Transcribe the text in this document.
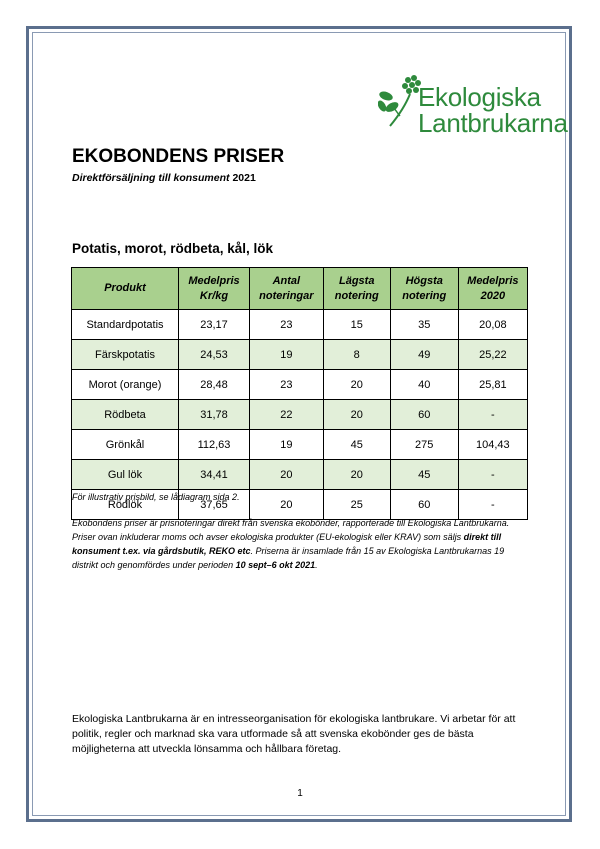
Ekologiska
Lantbrukarna
EKOBONDENS PRISER

Direktförsäljning till konsument 2021

Potatis, morot, rödbeta, kål, lök
Produkt	Medelpris Kr/kg	Antal noteringar	Lägsta notering	Högsta notering	Medelpris 2020
Standardpotatis	23,17	23	15	35	20,08
Färskpotatis	24,53	19	8	49	25,22
Morot (orange)	28,48	23	20	40	25,81
Rödbeta	31,78	22	20	60	-
Grönkål	112,63	19	45	275	104,43
Gul lök	34,41	20	20	45	-
Rödlök	37,65	20	25	60	-

För illustrativ prisbild, se lådiagram sida 2.

Ekobondens priser är prisnoteringar direkt från svenska ekobönder, rapporterade till Ekologiska Lantbrukarna. Priser ovan inkluderar moms och avser ekologiska produkter (EU-ekologisk eller KRAV) som säljs direkt till konsument t.ex. via gårdsbutik, REKO etc. Priserna är insamlade från 15 av Ekologiska Lantbrukarnas 19 distrikt och genomfördes under perioden 10 sept–6 okt 2021.

Ekologiska Lantbrukarna är en intresseorganisation för ekologiska lantbrukare. Vi arbetar för att politik, regler och marknad ska vara utformade så att svenska ekobönder ges de bästa möjligheterna att utveckla lönsamma och hållbara företag.

1
